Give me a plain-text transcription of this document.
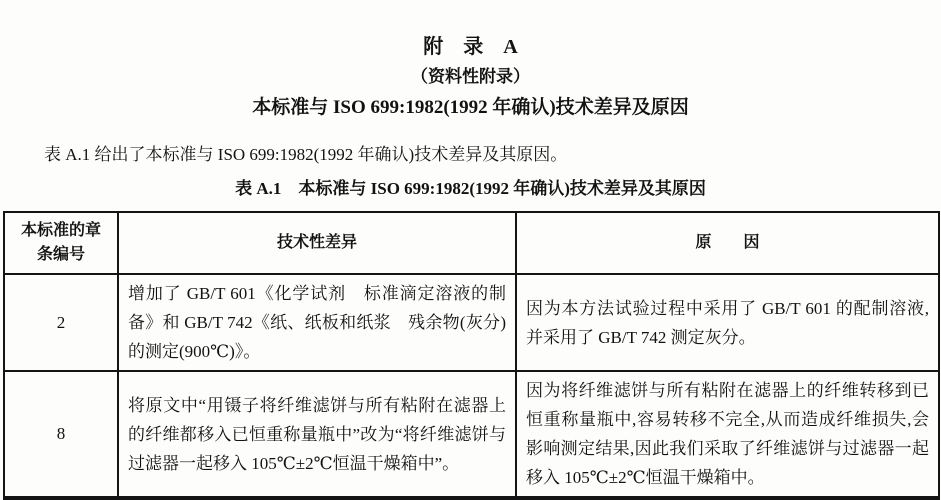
附　录　A
（资料性附录）
本标准与 ISO 699:1982(1992 年确认)技术差异及原因

表 A.1 给出了本标准与 ISO 699:1982(1992 年确认)技术差异及其原因。

表 A.1　本标准与 ISO 699:1982(1992 年确认)技术差异及其原因
本标准的章条编号	技术性差异	原　　因
2	增加了 GB/T 601《化学试剂　标准滴定溶液的制备》和 GB/T 742《纸、纸板和纸浆　残余物(灰分)的测定(900℃)》。	因为本方法试验过程中采用了 GB/T 601 的配制溶液,并采用了 GB/T 742 测定灰分。
8	将原文中“用镊子将纤维滤饼与所有粘附在滤器上的纤维都移入已恒重称量瓶中”改为“将纤维滤饼与过滤器一起移入 105℃±2℃恒温干燥箱中”。	因为将纤维滤饼与所有粘附在滤器上的纤维转移到已恒重称量瓶中,容易转移不完全,从而造成纤维损失,会影响测定结果,因此我们采取了纤维滤饼与过滤器一起移入 105℃±2℃恒温干燥箱中。
